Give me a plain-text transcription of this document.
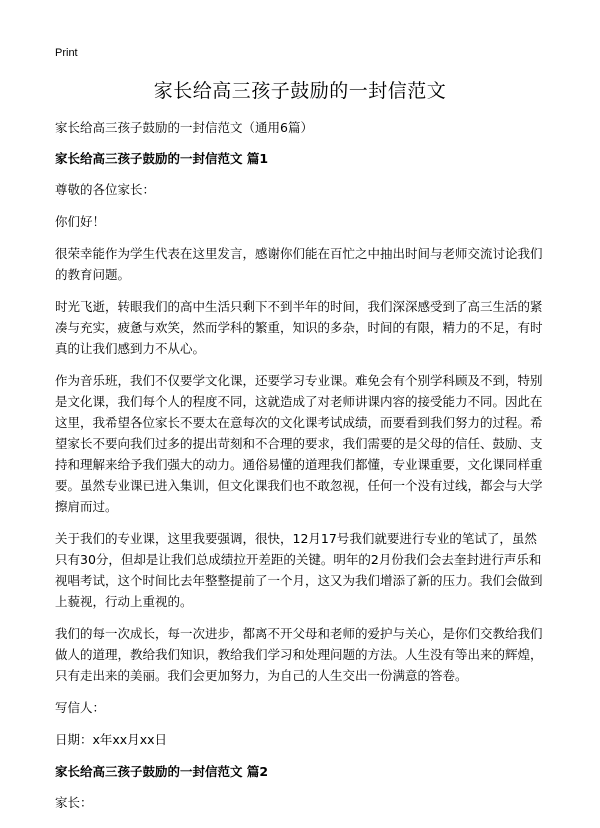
Print
家长给高三孩子鼓励的一封信范文

家长给高三孩子鼓励的一封信范文（通用6篇）

家长给高三孩子鼓励的一封信范文 篇1

尊敬的各位家长：

你们好！

很荣幸能作为学生代表在这里发言，感谢你们能在百忙之中抽出时间与老师交流讨论我们的教育问题。

时光飞逝，转眼我们的高中生活只剩下不到半年的时间，我们深深感受到了高三生活的紧凑与充实，疲惫与欢笑，然而学科的繁重，知识的多杂，时间的有限，精力的不足，有时真的让我们感到力不从心。

作为音乐班，我们不仅要学文化课，还要学习专业课。难免会有个别学科顾及不到，特别是文化课，我们每个人的程度不同，这就造成了对老师讲课内容的接受能力不同。因此在这里，我希望各位家长不要太在意每次的文化课考试成绩，而要看到我们努力的过程。希望家长不要向我们过多的提出苛刻和不合理的要求，我们需要的是父母的信任、鼓励、支持和理解来给予我们强大的动力。通俗易懂的道理我们都懂，专业课重要，文化课同样重要。虽然专业课已进入集训，但文化课我们也不敢忽视，任何一个没有过线，都会与大学擦肩而过。

关于我们的专业课，这里我要强调，很快，12月17号我们就要进行专业的笔试了，虽然只有30分，但却是让我们总成绩拉开差距的关键。明年的2月份我们会去奎封进行声乐和视唱考试，这个时间比去年整整提前了一个月，这又为我们增添了新的压力。我们会做到上藐视，行动上重视的。

我们的每一次成长，每一次进步，都离不开父母和老师的爱护与关心，是你们交教给我们做人的道理，教给我们知识，教给我们学习和处理问题的方法。人生没有等出来的辉煌，只有走出来的美丽。我们会更加努力，为自己的人生交出一份满意的答卷。

写信人：

日期：x年xx月xx日

家长给高三孩子鼓励的一封信范文 篇2

家长：
